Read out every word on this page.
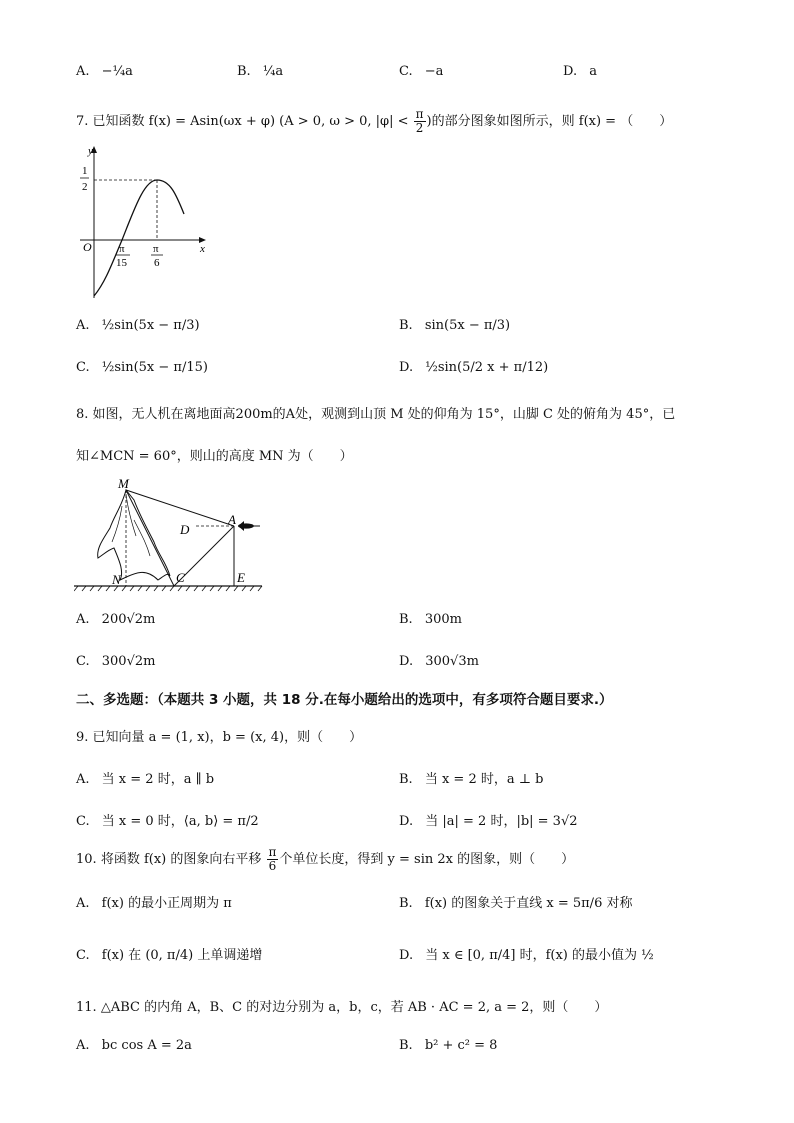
A. −¼a	B. ¼a	C. −a	D. a
7. 已知函数 f(x) = Asin(ωx + φ) (A > 0, ω > 0, $|\varphi| < \frac{\pi}{2}$ )的部分图象如图所示，则 f(x) = （　　）
y
x
O
1
2
π
15
π
6
A. ½sin(5x − π/3)	B. sin(5x − π/3)
C. ½sin(5x − π/15)	D. ½sin(5/2 x + π/12)
8. 如图，无人机在离地面高200m的A处，观测到山顶 M 处的仰角为 15°，山脚 C 处的俯角为 45°，已
知∠MCN = 60°，则山的高度 MN 为（　　）
M
A
D
C
N	E
A. 200√2m	B. 300m
C. 300√2m	D. 300√3m
二、多选题：（本题共 3 小题，共 18 分.在每小题给出的选项中，有多项符合题目要求.）
9. 已知向量 a = (1, x)，b = (x, 4)，则（　　）
A. 当 x = 2 时，a ∥ b	B. 当 x = 2 时，a ⊥ b
C. 当 x = 0 时，⟨a, b⟩ = π/2	D. 当 |a| = 2 时，|b| = 3√2
10. 将函数 f(x) 的图象向右平移 $\frac{\pi}{6}$ 个单位长度，得到 y = sin 2x 的图象，则（　　）
A. f(x) 的最小正周期为 π	B. f(x) 的图象关于直线 x = 5π/6 对称
C. f(x) 在 (0, π/4) 上单调递增	D. 当 x ∈ [0, π/4] 时，f(x) 的最小值为 ½
11. △ABC 的内角 A，B、C 的对边分别为 a，b，c，若 AB · AC = 2, a = 2，则（　　）
A. bc cos A = 2a	B. b² + c² = 8
